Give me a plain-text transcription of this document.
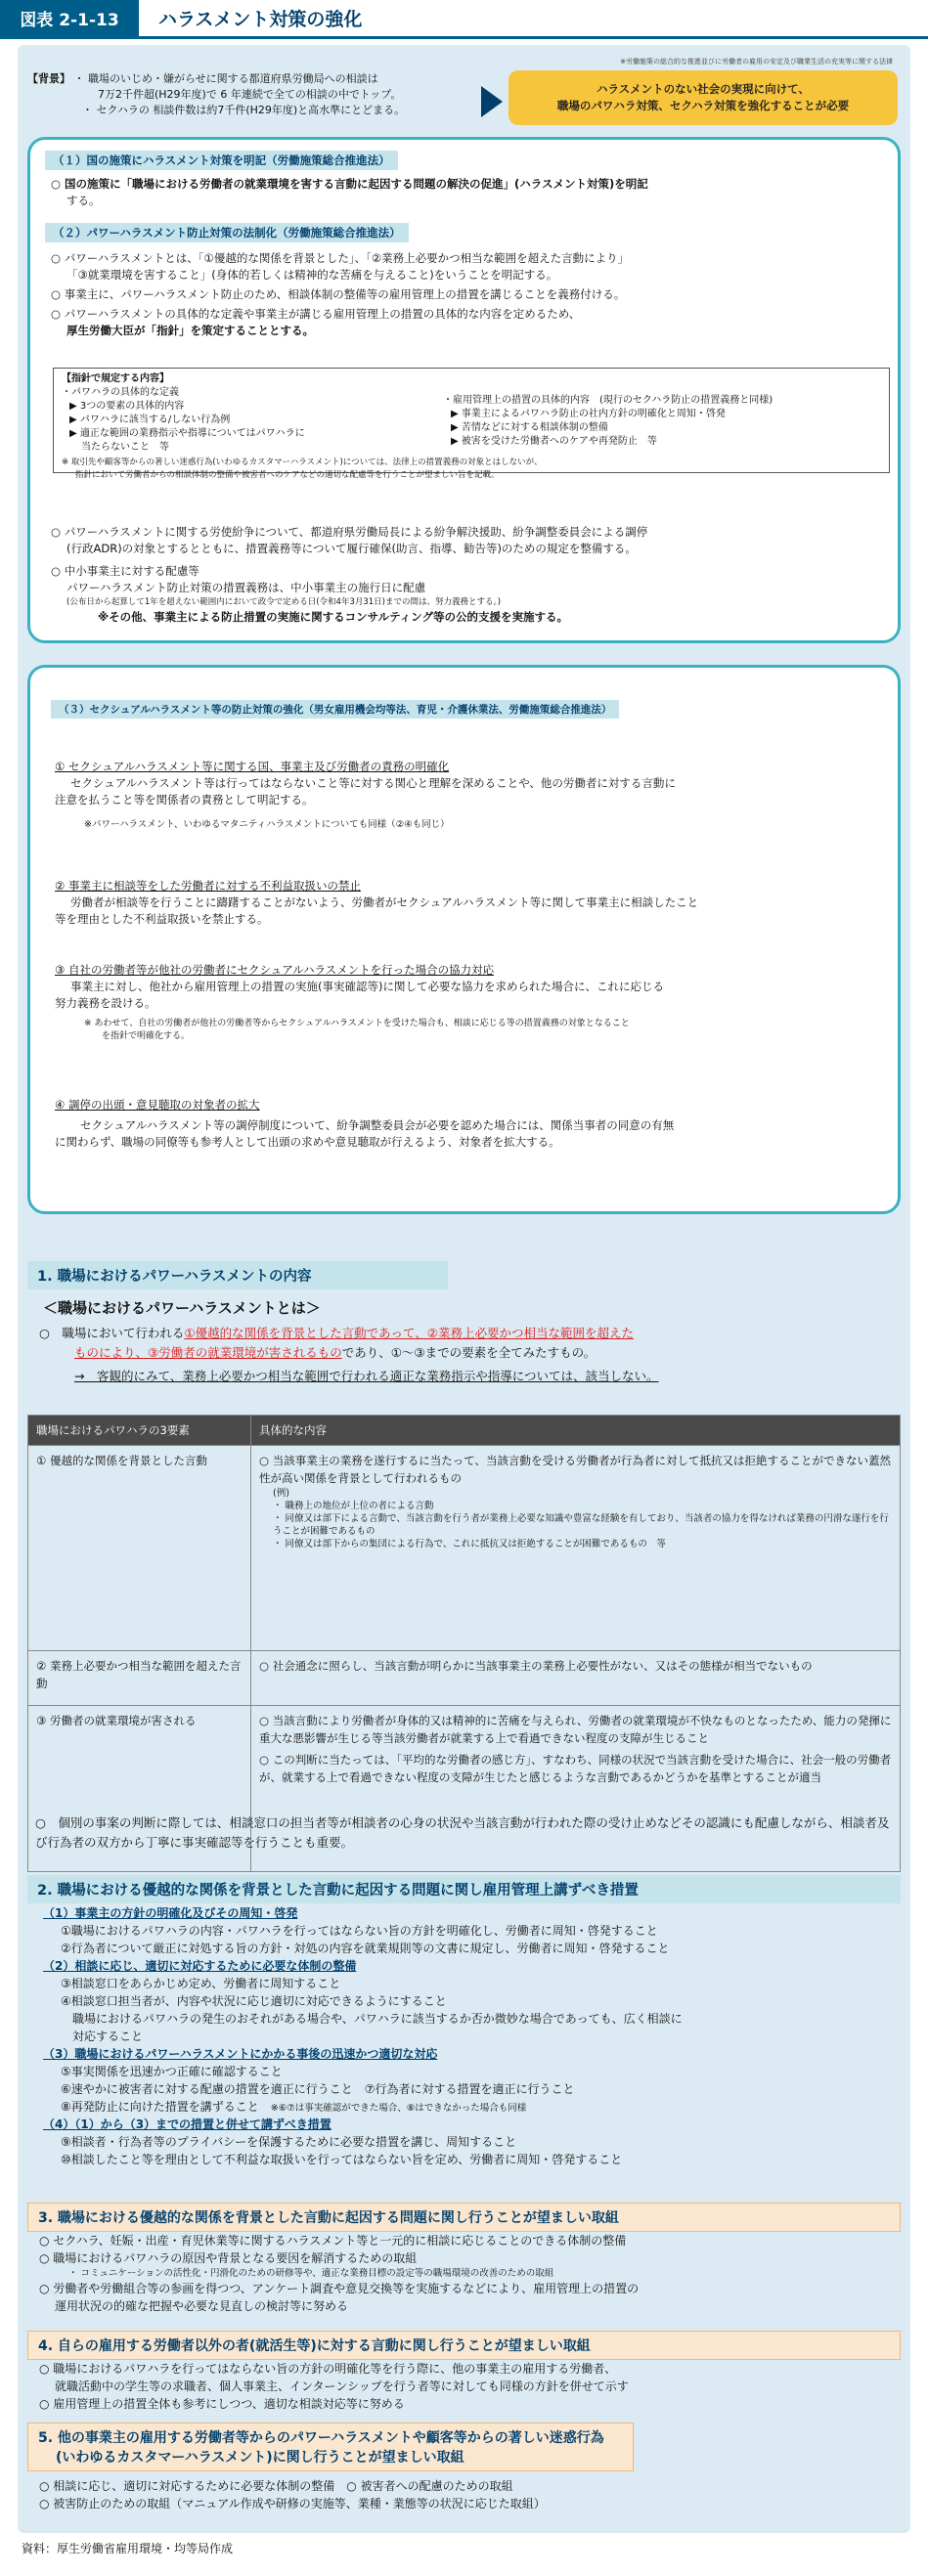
図表 2-1-13	ハラスメント対策の強化
※労働施策の総合的な推進並びに労働者の雇用の安定及び職業生活の充実等に関する法律
【背景】 ・ 職場のいじめ・嫌がらせに関する都道府県労働局への相談は
7万2千件超(H29年度)で 6 年連続で全ての相談の中でトップ。
・ セクハラの 相談件数は約7千件(H29年度)と高水準にとどまる。
ハラスメントのない社会の実現に向けて、
職場のパワハラ対策、セクハラ対策を強化することが必要
（１）国の施策にハラスメント対策を明記（労働施策総合推進法）
○ 国の施策に「職場における労働者の就業環境を害する言動に起因する問題の解決の促進」(ハラスメント対策)を明記
する。
（２）パワーハラスメント防止対策の法制化（労働施策総合推進法）
○ パワーハラスメントとは、「①優越的な関係を背景とした」、「②業務上必要かつ相当な範囲を超えた言動により」
「③就業環境を害すること」(身体的若しくは精神的な苦痛を与えること)をいうことを明記する。
○ 事業主に、パワーハラスメント防止のため、相談体制の整備等の雇用管理上の措置を講じることを義務付ける。
○ パワーハラスメントの具体的な定義や事業主が講じる雇用管理上の措置の具体的な内容を定めるため、
厚生労働大臣が「指針」を策定することとする。
【指針で規定する内容】
・パワハラの具体的な定義
▶ 3つの要素の具体的内容
▶ パワハラに該当する/しない行為例
▶ 適正な範囲の業務指示や指導についてはパワハラに
当たらないこと　等
・雇用管理上の措置の具体的内容　(現行のセクハラ防止の措置義務と同様)
▶ 事業主によるパワハラ防止の社内方針の明確化と周知・啓発
▶ 苦情などに対する相談体制の整備
▶ 被害を受けた労働者へのケアや再発防止　等
※ 取引先や顧客等からの著しい迷惑行為(いわゆるカスタマーハラスメント)については、法律上の措置義務の対象とはしないが、
指針において労働者からの相談体制の整備や被害者へのケアなどの適切な配慮等を行うことが望ましい旨を記載。
○ パワーハラスメントに関する労使紛争について、都道府県労働局長による紛争解決援助、紛争調整委員会による調停
(行政ADR)の対象とするとともに、措置義務等について履行確保(助言、指導、勧告等)のための規定を整備する。
○ 中小事業主に対する配慮等
パワーハラスメント防止対策の措置義務は、中小事業主の施行日に配慮
(公布日から起算して1年を超えない範囲内において政令で定める日(令和4年3月31日)までの間は、努力義務とする。)
※その他、事業主による防止措置の実施に関するコンサルティング等の公的支援を実施する。
（３）セクシュアルハラスメント等の防止対策の強化（男女雇用機会均等法、育児・介護休業法、労働施策総合推進法）
① セクシュアルハラスメント等に関する国、事業主及び労働者の責務の明確化
セクシュアルハラスメント等は行ってはならないこと等に対する関心と理解を深めることや、他の労働者に対する言動に
注意を払うこと等を関係者の責務として明記する。
※パワーハラスメント、いわゆるマタニティハラスメントについても同様（②④も同じ）
② 事業主に相談等をした労働者に対する不利益取扱いの禁止
労働者が相談等を行うことに躊躇することがないよう、労働者がセクシュアルハラスメント等に関して事業主に相談したこと
等を理由とした不利益取扱いを禁止する。
③ 自社の労働者等が他社の労働者にセクシュアルハラスメントを行った場合の協力対応
事業主に対し、他社から雇用管理上の措置の実施(事実確認等)に関して必要な協力を求められた場合に、これに応じる
努力義務を設ける。
※ あわせて、自社の労働者が他社の労働者等からセクシュアルハラスメントを受けた場合も、相談に応じる等の措置義務の対象となること
を指針で明確化する。
④ 調停の出頭・意見聴取の対象者の拡大
セクシュアルハラスメント等の調停制度について、紛争調整委員会が必要を認めた場合には、関係当事者の同意の有無
に関わらず、職場の同僚等も参考人として出頭の求めや意見聴取が行えるよう、対象者を拡大する。
1. 職場におけるパワーハラスメントの内容
＜職場におけるパワーハラスメントとは＞
○　職場において行われる①優越的な関係を背景とした言動であって、②業務上必要かつ相当な範囲を超えた
ものにより、③労働者の就業環境が害されるものであり、①～③までの要素を全てみたすもの。
→　客観的にみて、業務上必要かつ相当な範囲で行われる適正な業務指示や指導については、該当しない。
職場におけるパワハラの3要素	具体的な内容
① 優越的な関係を背景とした言動	○ 当該事業主の業務を遂行するに当たって、当該言動を受ける労働者が行為者に対して抵抗又は拒絶することができない蓋然性が高い関係を背景として行われるもの
(例)
・ 職務上の地位が上位の者による言動
・ 同僚又は部下による言動で、当該言動を行う者が業務上必要な知識や豊富な経験を有しており、当該者の協力を得なければ業務の円滑な遂行を行うことが困難であるもの
・ 同僚又は部下からの集団による行為で、これに抵抗又は拒絶することが困難であるもの　等

② 業務上必要かつ相当な範囲を超えた言動	○ 社会通念に照らし、当該言動が明らかに当該事業主の業務上必要性がない、又はその態様が相当でないもの
③ 労働者の就業環境が害される	○ 当該言動により労働者が身体的又は精神的に苦痛を与えられ、労働者の就業環境が不快なものとなったため、能力の発揮に重大な悪影響が生じる等当該労働者が就業する上で看過できない程度の支障が生じること
○ この判断に当たっては、「平均的な労働者の感じ方」、すなわち、同様の状況で当該言動を受けた場合に、社会一般の労働者が、就業する上で看過できない程度の支障が生じたと感じるような言動であるかどうかを基準とすることが適当
○　個別の事案の判断に際しては、相談窓口の担当者等が相談者の心身の状況や当該言動が行われた際の受け止めなどその認識にも配慮しながら、相談者及び行為者の双方から丁寧に事実確認等を行うことも重要。
2. 職場における優越的な関係を背景とした言動に起因する問題に関し雇用管理上講ずべき措置
（1）事業主の方針の明確化及びその周知・啓発
①職場におけるパワハラの内容・パワハラを行ってはならない旨の方針を明確化し、労働者に周知・啓発すること
②行為者について厳正に対処する旨の方針・対処の内容を就業規則等の文書に規定し、労働者に周知・啓発すること
（2）相談に応じ、適切に対応するために必要な体制の整備
③相談窓口をあらかじめ定め、労働者に周知すること
④相談窓口担当者が、内容や状況に応じ適切に対応できるようにすること
職場におけるパワハラの発生のおそれがある場合や、パワハラに該当するか否か微妙な場合であっても、広く相談に
対応すること
（3）職場におけるパワーハラスメントにかかる事後の迅速かつ適切な対応
⑤事実関係を迅速かつ正確に確認すること
⑥速やかに被害者に対する配慮の措置を適正に行うこと　⑦行為者に対する措置を適正に行うこと
⑧再発防止に向けた措置を講ずること　 ※⑥⑦は事実確認ができた場合、⑧はできなかった場合も同様
（4）（1）から（3）までの措置と併せて講ずべき措置
⑨相談者・行為者等のプライバシーを保護するために必要な措置を講じ、周知すること
⑩相談したこと等を理由として不利益な取扱いを行ってはならない旨を定め、労働者に周知・啓発すること
3. 職場における優越的な関係を背景とした言動に起因する問題に関し行うことが望ましい取組
○ セクハラ、妊娠・出産・育児休業等に関するハラスメント等と一元的に相談に応じることのできる体制の整備
○ 職場におけるパワハラの原因や背景となる要因を解消するための取組
・ コミュニケーションの活性化・円滑化のための研修等や、適正な業務目標の設定等の職場環境の改善のための取組
○ 労働者や労働組合等の参画を得つつ、アンケート調査や意見交換等を実施するなどにより、雇用管理上の措置の
運用状況の的確な把握や必要な見直しの検討等に努める
4. 自らの雇用する労働者以外の者(就活生等)に対する言動に関し行うことが望ましい取組
○ 職場におけるパワハラを行ってはならない旨の方針の明確化等を行う際に、他の事業主の雇用する労働者、
就職活動中の学生等の求職者、個人事業主、インターンシップを行う者等に対しても同様の方針を併せて示す
○ 雇用管理上の措置全体も参考にしつつ、適切な相談対応等に努める
5. 他の事業主の雇用する労働者等からのパワーハラスメントや顧客等からの著しい迷惑行為
(いわゆるカスタマーハラスメント)に関し行うことが望ましい取組
○ 相談に応じ、適切に対応するために必要な体制の整備　○ 被害者への配慮のための取組
○ 被害防止のための取組（マニュアル作成や研修の実施等、業種・業態等の状況に応じた取組）
資料：厚生労働省雇用環境・均等局作成
